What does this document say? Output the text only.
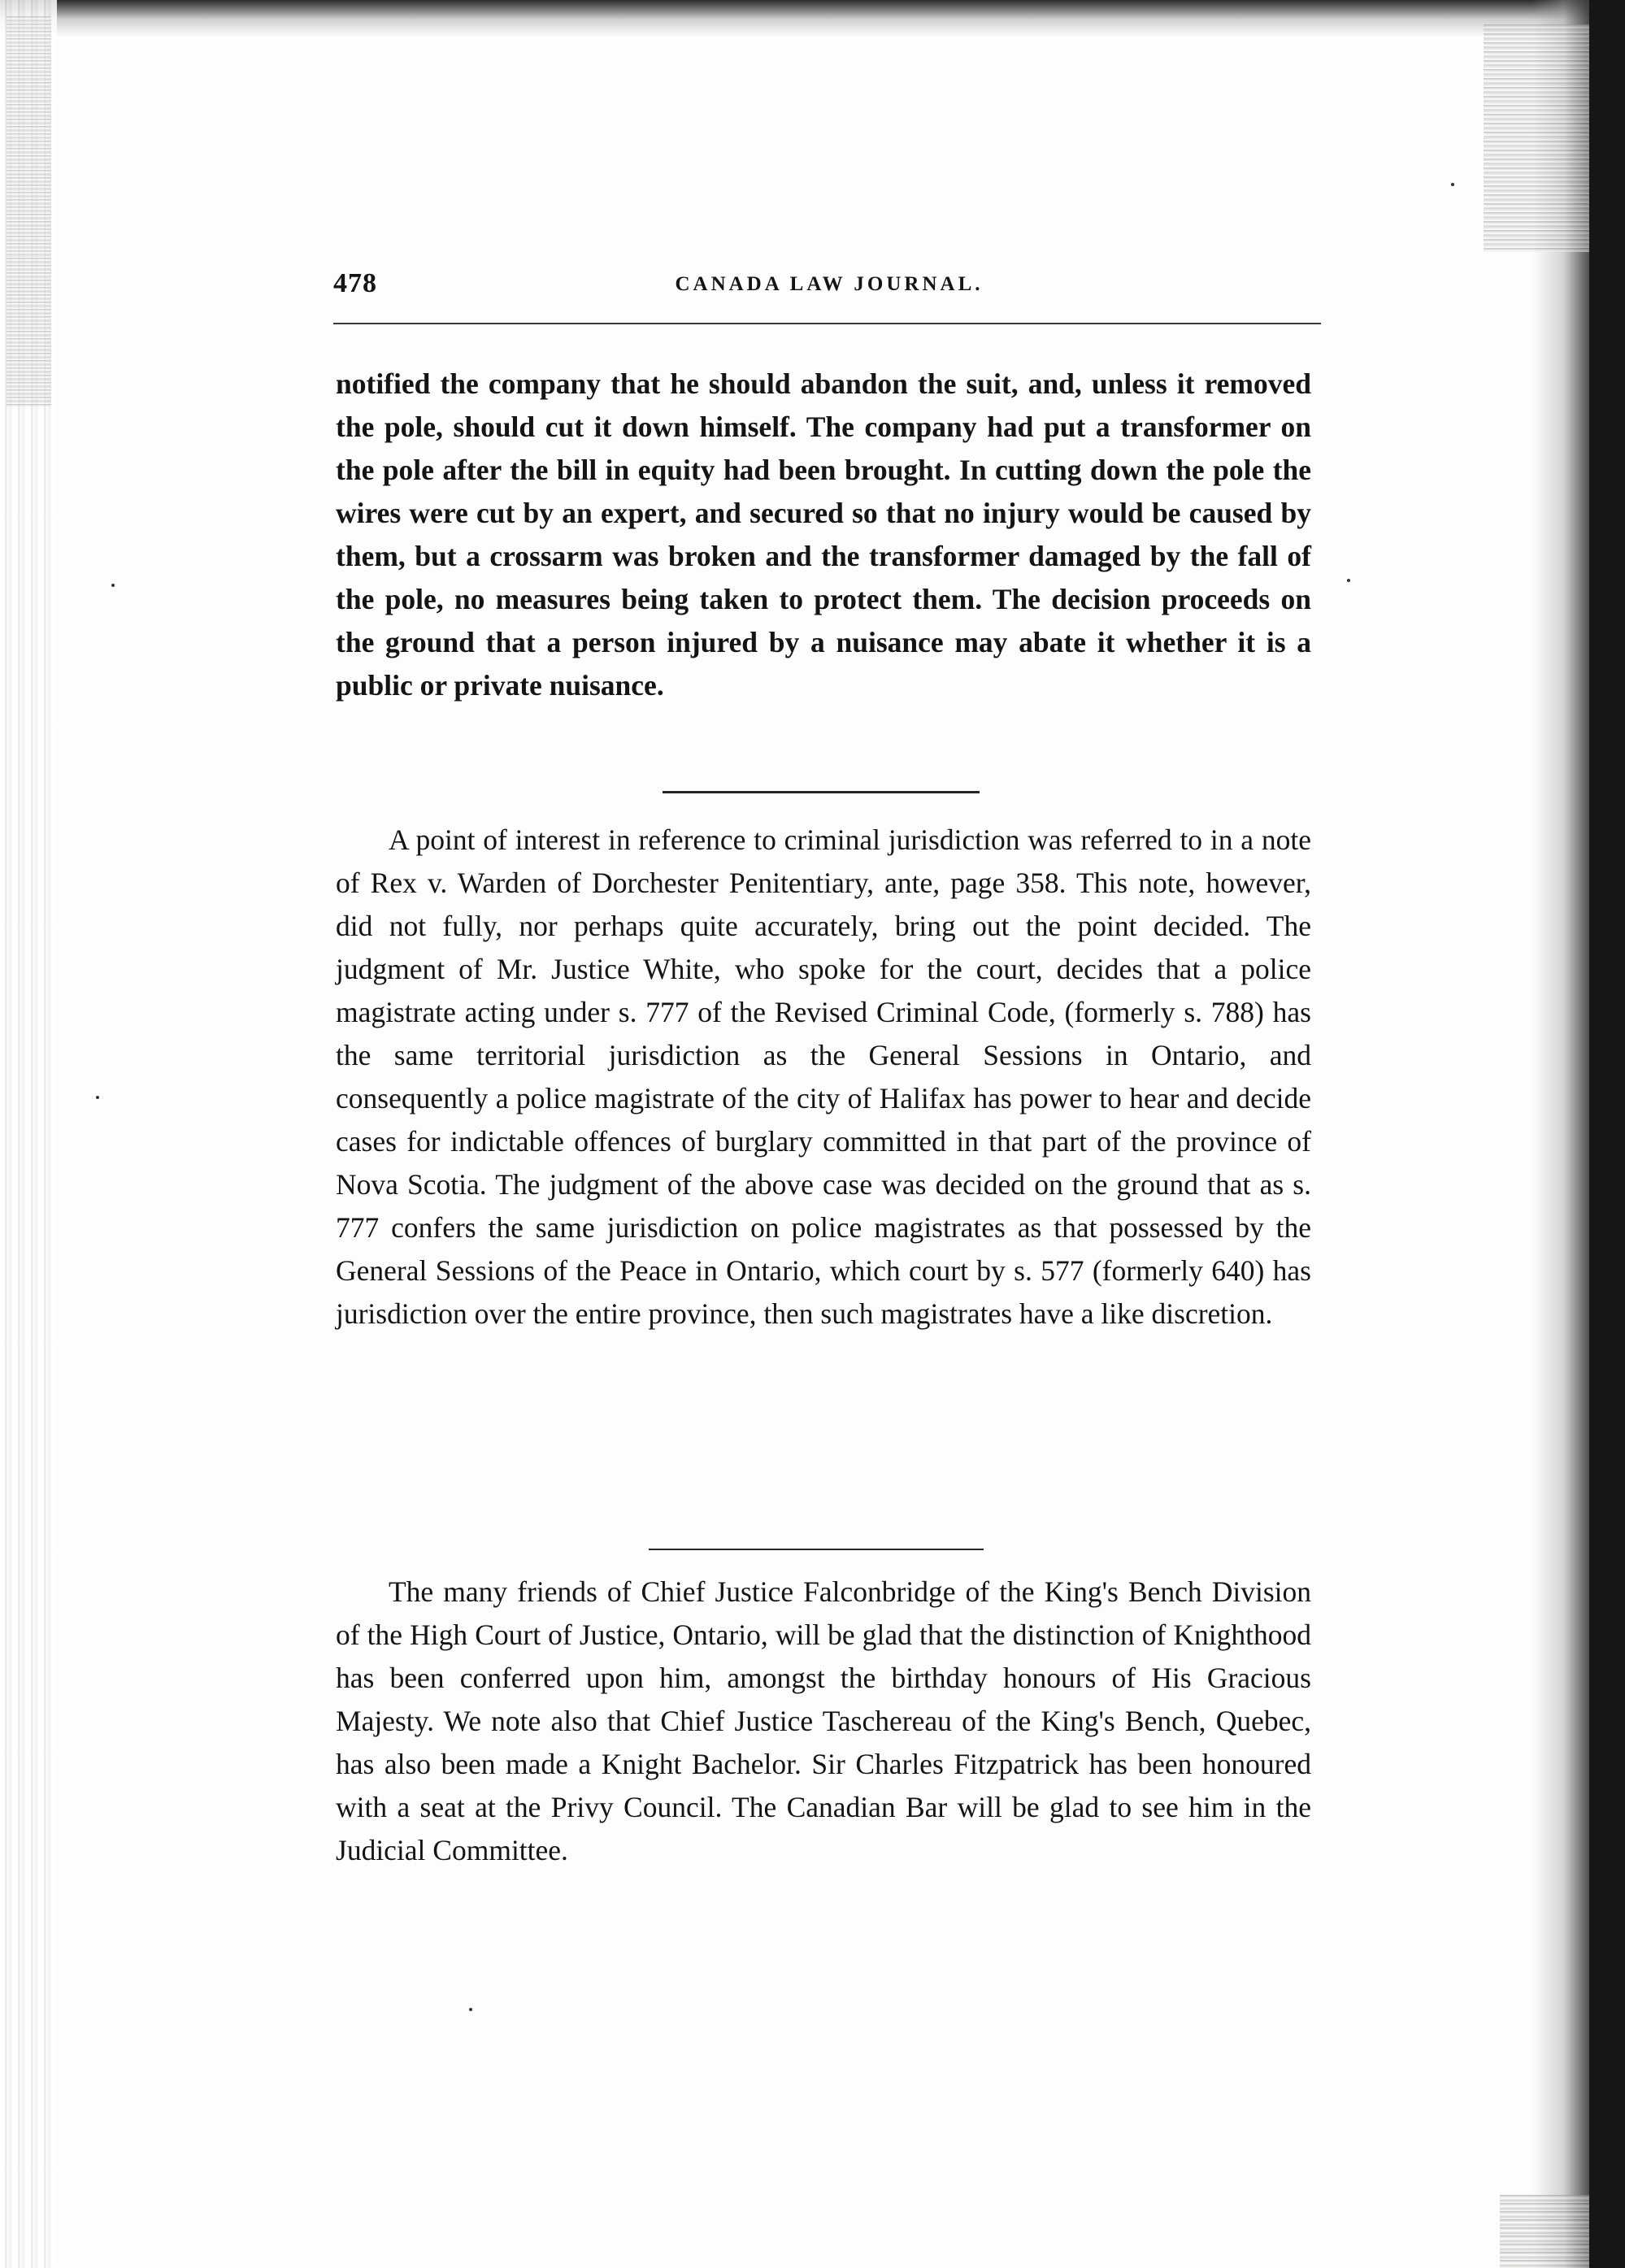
478	CANADA LAW JOURNAL.

notified the company that he should abandon the suit, and, unless it removed the pole, should cut it down himself. The company had put a transformer on the pole after the bill in equity had been brought. In cutting down the pole the wires were cut by an expert, and secured so that no injury would be caused by them, but a crossarm was broken and the transformer damaged by the fall of the pole, no measures being taken to protect them. The decision proceeds on the ground that a person injured by a nuisance may abate it whether it is a public or private nuisance.

A point of interest in reference to criminal jurisdiction was referred to in a note of Rex v. Warden of Dorchester Penitentiary, ante, page 358. This note, however, did not fully, nor perhaps quite accurately, bring out the point decided. The judgment of Mr. Justice White, who spoke for the court, decides that a police magistrate acting under s. 777 of the Revised Criminal Code, (formerly s. 788) has the same territorial jurisdiction as the General Sessions in Ontario, and consequently a police magistrate of the city of Halifax has power to hear and decide cases for indictable offences of burglary committed in that part of the province of Nova Scotia. The judgment of the above case was decided on the ground that as s. 777 confers the same jurisdiction on police magistrates as that possessed by the General Sessions of the Peace in Ontario, which court by s. 577 (formerly 640) has jurisdiction over the entire province, then such magistrates have a like discretion.

The many friends of Chief Justice Falconbridge of the King's Bench Division of the High Court of Justice, Ontario, will be glad that the distinction of Knighthood has been conferred upon him, amongst the birthday honours of His Gracious Majesty. We note also that Chief Justice Taschereau of the King's Bench, Quebec, has also been made a Knight Bachelor. Sir Charles Fitzpatrick has been honoured with a seat at the Privy Council. The Canadian Bar will be glad to see him in the Judicial Committee.
